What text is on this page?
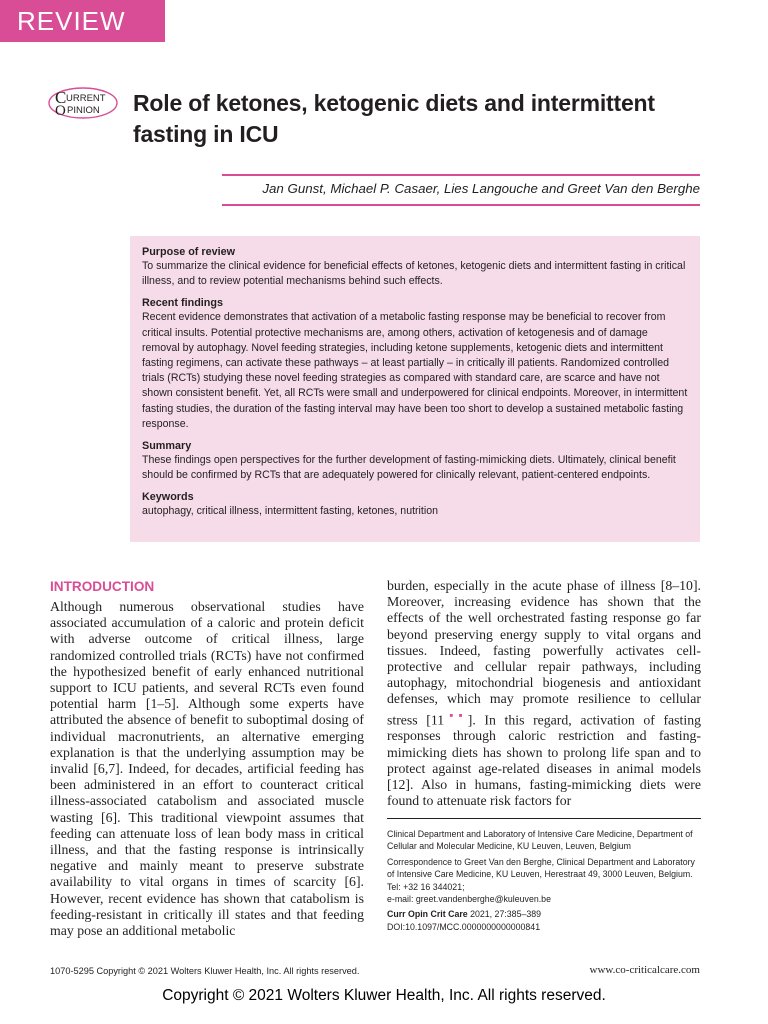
REVIEW
C URRENT
O PINION Role of ketones, ketogenic diets and intermittent fasting in ICU
Jan Gunst, Michael P. Casaer, Lies Langouche and Greet Van den Berghe
Purpose of review

To summarize the clinical evidence for beneficial effects of ketones, ketogenic diets and intermittent fasting in critical illness, and to review potential mechanisms behind such effects.

Recent findings

Recent evidence demonstrates that activation of a metabolic fasting response may be beneficial to recover from critical insults. Potential protective mechanisms are, among others, activation of ketogenesis and of damage removal by autophagy. Novel feeding strategies, including ketone supplements, ketogenic diets and intermittent fasting regimens, can activate these pathways – at least partially – in critically ill patients. Randomized controlled trials (RCTs) studying these novel feeding strategies as compared with standard care, are scarce and have not shown consistent benefit. Yet, all RCTs were small and underpowered for clinical endpoints. Moreover, in intermittent fasting studies, the duration of the fasting interval may have been too short to develop a sustained metabolic fasting response.

Summary

These findings open perspectives for the further development of fasting-mimicking diets. Ultimately, clinical benefit should be confirmed by RCTs that are adequately powered for clinically relevant, patient-centered endpoints.

Keywords

autophagy, critical illness, intermittent fasting, ketones, nutrition

INTRODUCTION

Although numerous observational studies have associated accumulation of a caloric and protein deficit with adverse outcome of critical illness, large randomized controlled trials (RCTs) have not confirmed the hypothesized benefit of early enhanced nutritional support to ICU patients, and several RCTs even found potential harm [1–5]. Although some experts have attributed the absence of benefit to suboptimal dosing of individual macronutrients, an alternative emerging explanation is that the underlying assumption may be invalid [6,7]. Indeed, for decades, artificial feeding has been administered in an effort to counteract critical illness-associated catabolism and associated muscle wasting [6]. This traditional viewpoint assumes that feeding can attenuate loss of lean body mass in critical illness, and that the fasting response is intrinsically negative and mainly meant to preserve substrate availability to vital organs in times of scarcity [6]. However, recent evidence has shown that catabolism is feeding-resistant in critically ill states and that feeding may pose an additional metabolic

burden, especially in the acute phase of illness [8–10]. Moreover, increasing evidence has shown that the effects of the well orchestrated fasting response go far beyond preserving energy supply to vital organs and tissues. Indeed, fasting powerfully activates cell-protective and cellular repair pathways, including autophagy, mitochondrial biogenesis and antioxidant defenses, which may promote resilience to cellular stress [11▪▪]. In this regard, activation of fasting responses through caloric restriction and fasting-mimicking diets has shown to prolong life span and to protect against age-related diseases in animal models [12]. Also in humans, fasting-mimicking diets were found to attenuate risk factors for

Clinical Department and Laboratory of Intensive Care Medicine, Department of Cellular and Molecular Medicine, KU Leuven, Leuven, Belgium

Correspondence to Greet Van den Berghe, Clinical Department and Laboratory of Intensive Care Medicine, KU Leuven, Herestraat 49, 3000 Leuven, Belgium. Tel: +32 16 344021;
e-mail: greet.vandenberghe@kuleuven.be

Curr Opin Crit Care 2021, 27:385–389
DOI:10.1097/MCC.0000000000000841

1070-5295 Copyright © 2021 Wolters Kluwer Health, Inc. All rights reserved.	www.co-criticalcare.com
Copyright © 2021 Wolters Kluwer Health, Inc. All rights reserved.
